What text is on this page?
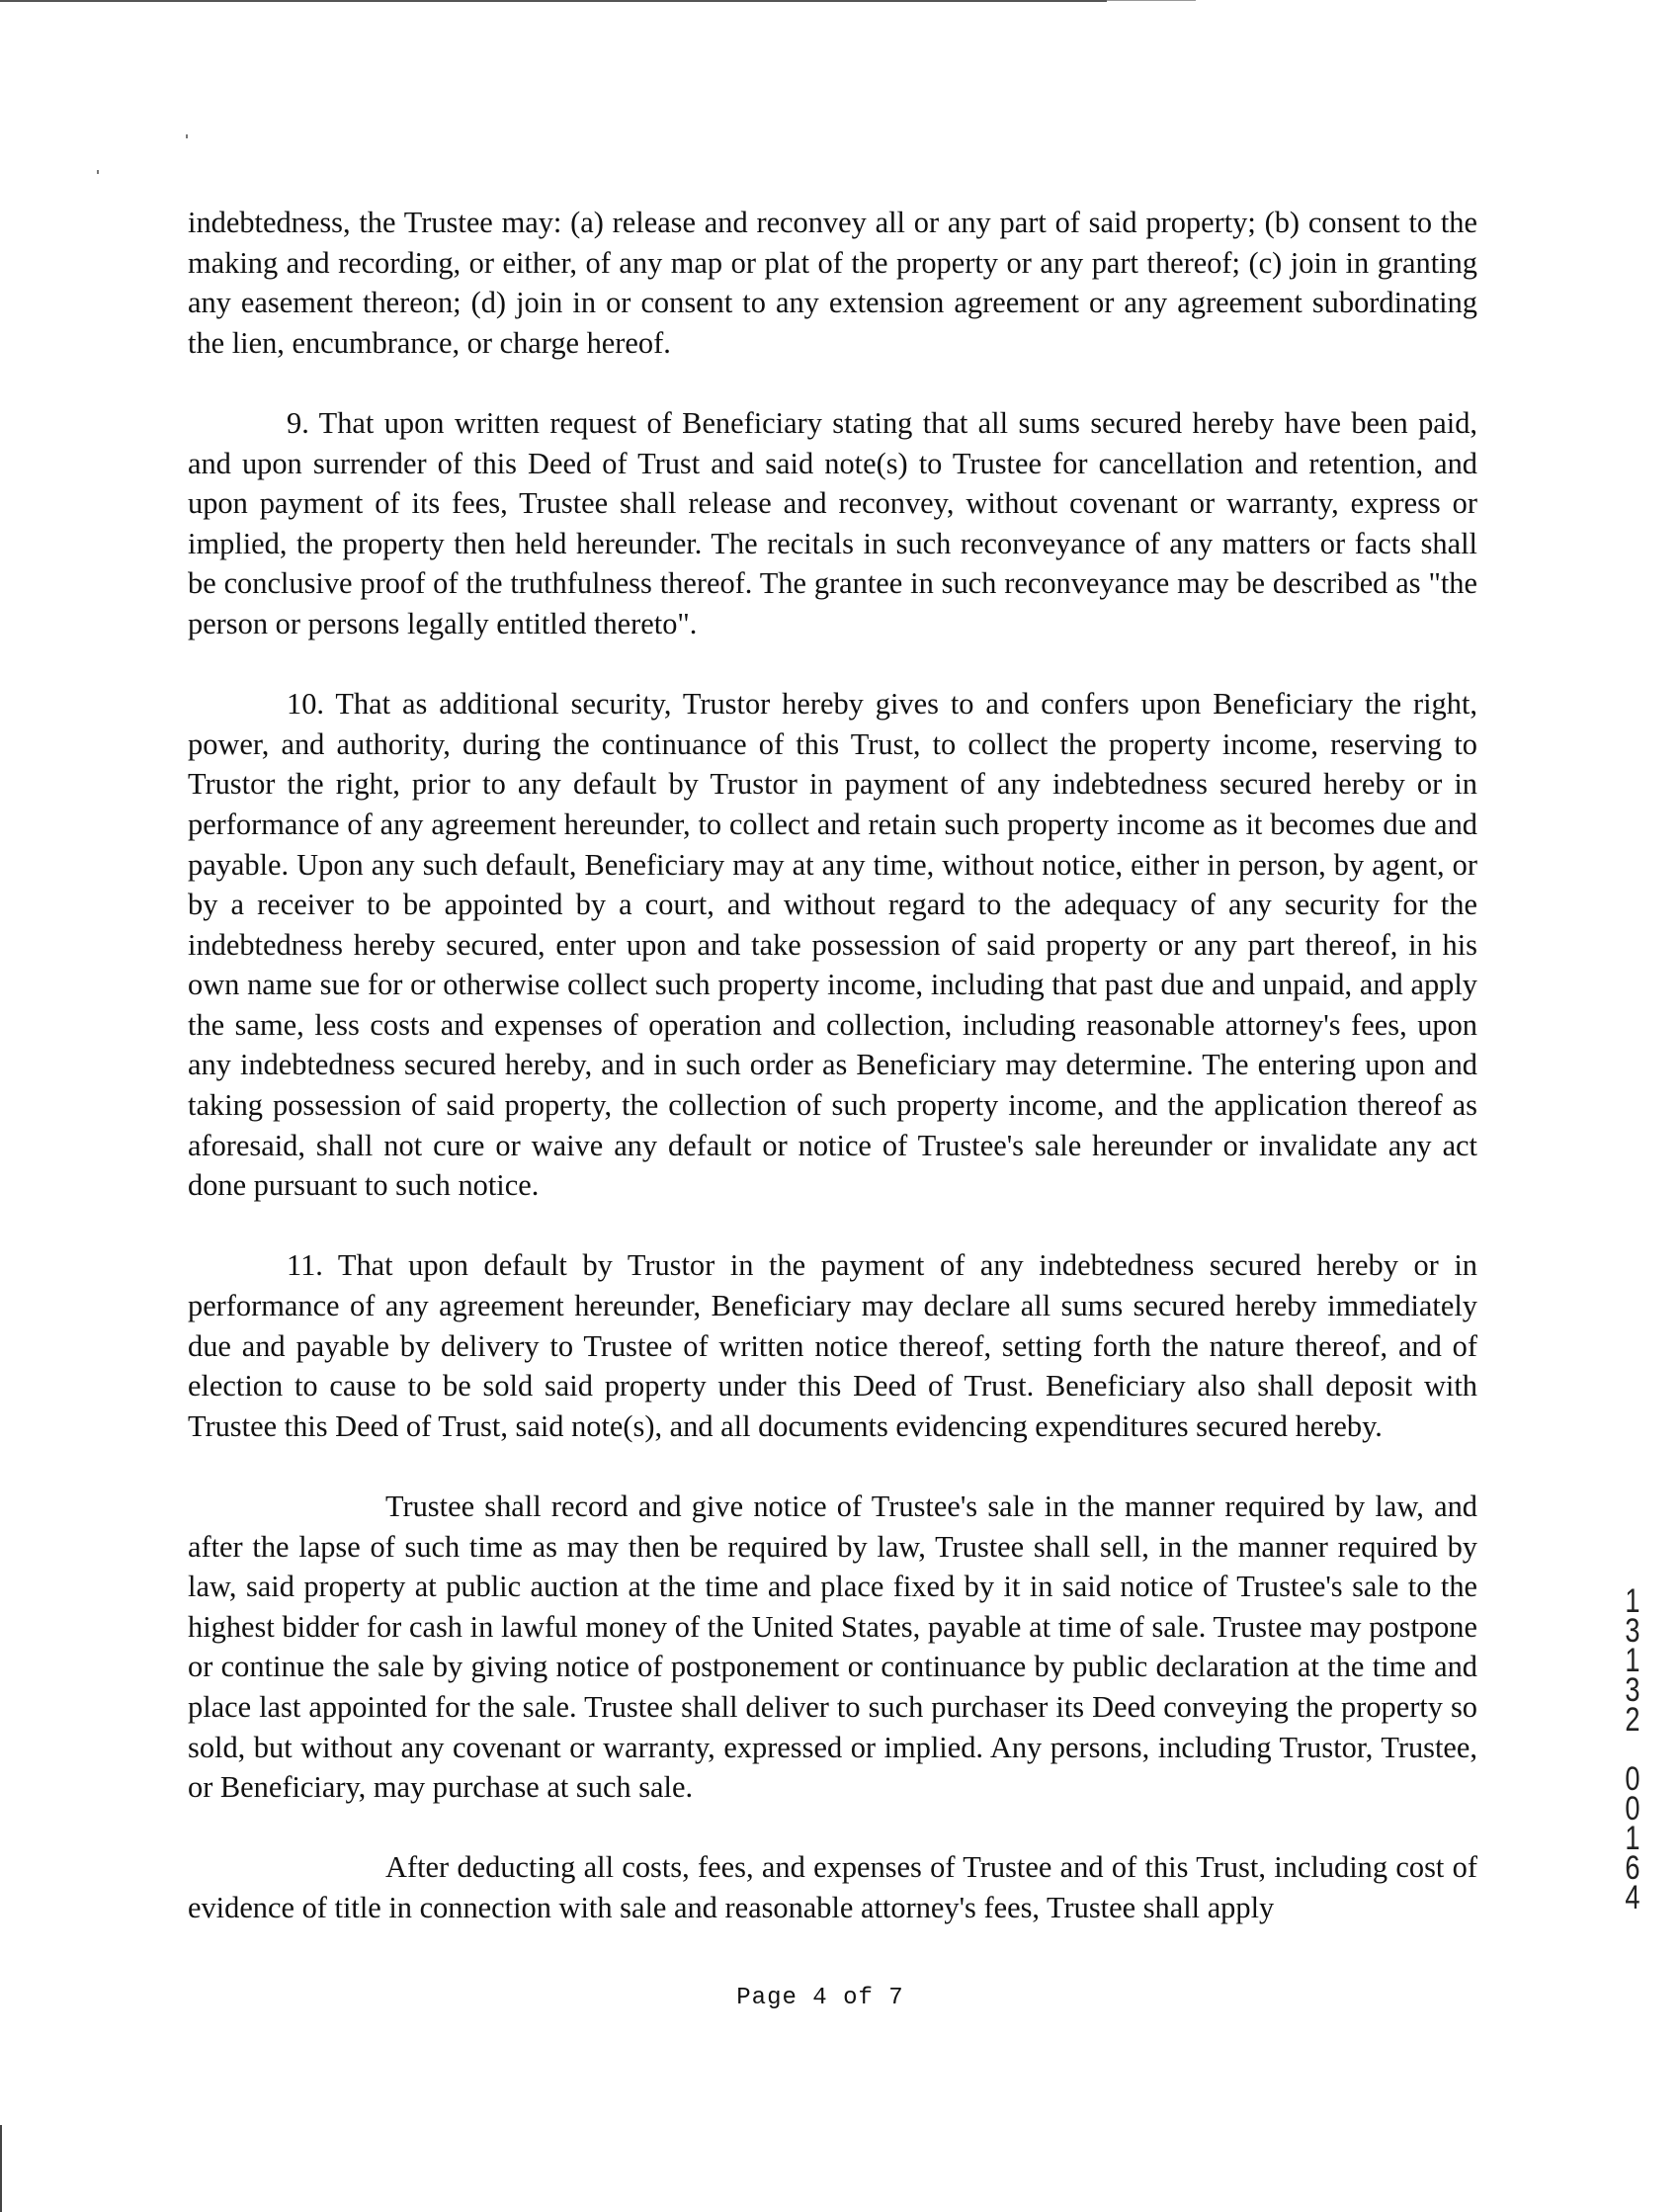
indebtedness, the Trustee may: (a) release and reconvey all or any part of said property; (b) consent to the making and recording, or either, of any map or plat of the property or any part thereof; (c) join in granting any easement thereon; (d) join in or consent to any extension agreement or any agreement subordinating the lien, encumbrance, or charge hereof.

9. That upon written request of Beneficiary stating that all sums secured hereby have been paid, and upon surrender of this Deed of Trust and said note(s) to Trustee for cancellation and retention, and upon payment of its fees, Trustee shall release and reconvey, without covenant or warranty, express or implied, the property then held hereunder. The recitals in such reconveyance of any matters or facts shall be conclusive proof of the truthfulness thereof. The grantee in such reconveyance may be described as "the person or persons legally entitled thereto".

10. That as additional security, Trustor hereby gives to and confers upon Beneficiary the right, power, and authority, during the continuance of this Trust, to collect the property income, reserving to Trustor the right, prior to any default by Trustor in payment of any indebtedness secured hereby or in performance of any agreement hereunder, to collect and retain such property income as it becomes due and payable. Upon any such default, Beneficiary may at any time, without notice, either in person, by agent, or by a receiver to be appointed by a court, and without regard to the adequacy of any security for the indebtedness hereby secured, enter upon and take possession of said property or any part thereof, in his own name sue for or otherwise collect such property income, including that past due and unpaid, and apply the same, less costs and expenses of operation and collection, including reasonable attorney's fees, upon any indebtedness secured hereby, and in such order as Beneficiary may determine. The entering upon and taking possession of said property, the collection of such property income, and the application thereof as aforesaid, shall not cure or waive any default or notice of Trustee's sale hereunder or invalidate any act done pursuant to such notice.

11. That upon default by Trustor in the payment of any indebtedness secured hereby or in performance of any agreement hereunder, Beneficiary may declare all sums secured hereby immediately due and payable by delivery to Trustee of written notice thereof, setting forth the nature thereof, and of election to cause to be sold said property under this Deed of Trust. Beneficiary also shall deposit with Trustee this Deed of Trust, said note(s), and all documents evidencing expenditures secured hereby.

Trustee shall record and give notice of Trustee's sale in the manner required by law, and after the lapse of such time as may then be required by law, Trustee shall sell, in the manner required by law, said property at public auction at the time and place fixed by it in said notice of Trustee's sale to the highest bidder for cash in lawful money of the United States, payable at time of sale. Trustee may postpone or continue the sale by giving notice of postponement or continuance by public declaration at the time and place last appointed for the sale. Trustee shall deliver to such purchaser its Deed conveying the property so sold, but without any covenant or warranty, expressed or implied. Any persons, including Trustor, Trustee, or Beneficiary, may purchase at such sale.

After deducting all costs, fees, and expenses of Trustee and of this Trust, including cost of evidence of title in connection with sale and reasonable attorney's fees, Trustee shall apply

Page 4 of 7
1
3
1
3
2
0
0
1
6
4
